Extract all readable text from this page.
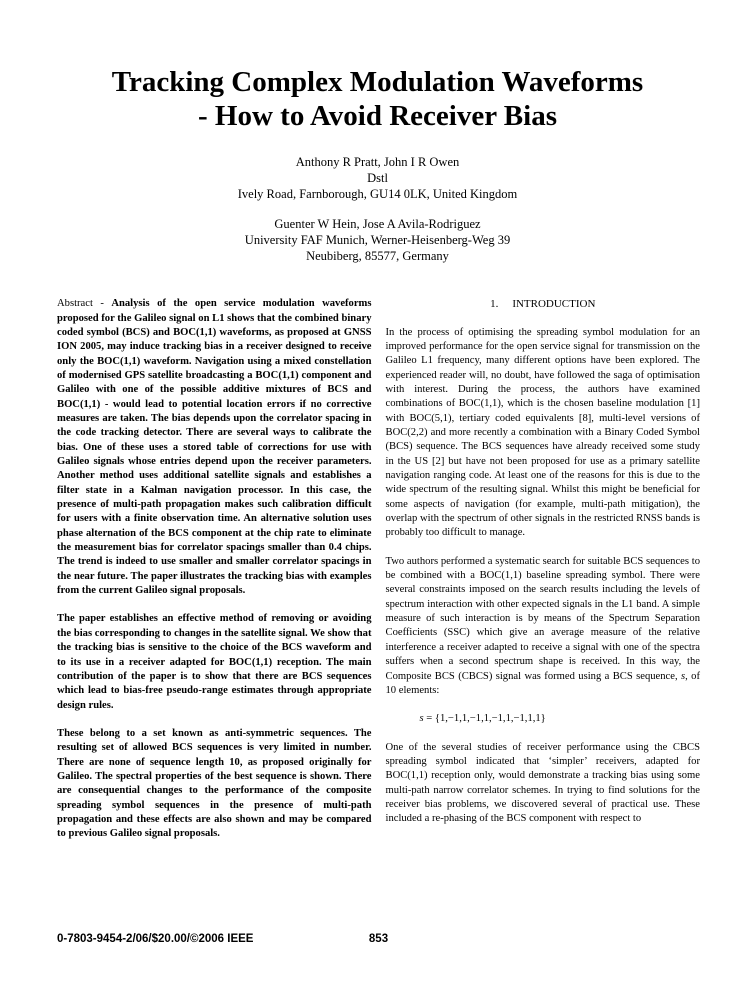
Tracking Complex Modulation Waveforms
- How to Avoid Receiver Bias
Anthony R Pratt, John I R Owen
Dstl
Ively Road, Farnborough, GU14 0LK, United Kingdom
Guenter W Hein, Jose A Avila-Rodriguez
University FAF Munich, Werner-Heisenberg-Weg 39
Neubiberg, 85577, Germany

Abstract - Analysis of the open service modulation waveforms proposed for the Galileo signal on L1 shows that the combined binary coded symbol (BCS) and BOC(1,1) waveforms, as proposed at GNSS ION 2005, may induce tracking bias in a receiver designed to receive only the BOC(1,1) waveform. Navigation using a mixed constellation of modernised GPS satellite broadcasting a BOC(1,1) component and Galileo with one of the possible additive mixtures of BCS and BOC(1,1) - would lead to potential location errors if no corrective measures are taken. The bias depends upon the correlator spacing in the code tracking detector. There are several ways to calibrate the bias. One of these uses a stored table of corrections for use with Galileo signals whose entries depend upon the receiver parameters. Another method uses additional satellite signals and establishes a filter state in a Kalman navigation processor. In this case, the presence of multi-path propagation makes such calibration difficult for users with a finite observation time. An alternative solution uses phase alternation of the BCS component at the chip rate to eliminate the measurement bias for correlator spacings smaller than 0.4 chips. The trend is indeed to use smaller and smaller correlator spacings in the near future. The paper illustrates the tracking bias with examples from the current Galileo signal proposals.

The paper establishes an effective method of removing or avoiding the bias corresponding to changes in the satellite signal. We show that the tracking bias is sensitive to the choice of the BCS waveform and to its use in a receiver adapted for BOC(1,1) reception. The main contribution of the paper is to show that there are BCS sequences which lead to bias-free pseudo-range estimates through appropriate design rules.

These belong to a set known as anti-symmetric sequences. The resulting set of allowed BCS sequences is very limited in number. There are none of sequence length 10, as proposed originally for Galileo. The spectral properties of the best sequence is shown. There are consequential changes to the performance of the composite spreading symbol sequences in the presence of multi-path propagation and these effects are also shown and may be compared to previous Galileo signal proposals.

1. INTRODUCTION

In the process of optimising the spreading symbol modulation for an improved performance for the open service signal for transmission on the Galileo L1 frequency, many different options have been explored. The experienced reader will, no doubt, have followed the saga of optimisation with interest. During the process, the authors have examined combinations of BOC(1,1), which is the chosen baseline modulation [1] with BOC(5,1), tertiary coded equivalents [8], multi-level versions of BOC(2,2) and more recently a combination with a Binary Coded Symbol (BCS) sequence. The BCS sequences have already received some study in the US [2] but have not been proposed for use as a primary satellite navigation ranging code. At least one of the reasons for this is due to the wide spectrum of the resulting signal. Whilst this might be beneficial for some aspects of navigation (for example, multi-path mitigation), the overlap with the spectrum of other signals in the restricted RNSS bands is probably too difficult to manage.

Two authors performed a systematic search for suitable BCS sequences to be combined with a BOC(1,1) baseline spreading symbol. There were several constraints imposed on the search results including the levels of spectrum interaction with other expected signals in the L1 band. A simple measure of such interaction is by means of the Spectrum Separation Coefficients (SSC) which give an average measure of the relative interference a receiver adapted to receive a signal with one of the spectra suffers when a second spectrum shape is received. In this way, the Composite BCS (CBCS) signal was formed using a BCS sequence, s, of 10 elements:

s = {1,−1,1,−1,1,−1,1,−1,1,1}

One of the several studies of receiver performance using the CBCS spreading symbol indicated that ‘simpler’ receivers, adapted for BOC(1,1) reception only, would demonstrate a tracking bias using some multi-path narrow correlator schemes. In trying to find solutions for the receiver bias problems, we discovered several of practical use. These included a re-phasing of the BCS component with respect to

0-7803-9454-2/06/$20.00/©2006 IEEE	853
